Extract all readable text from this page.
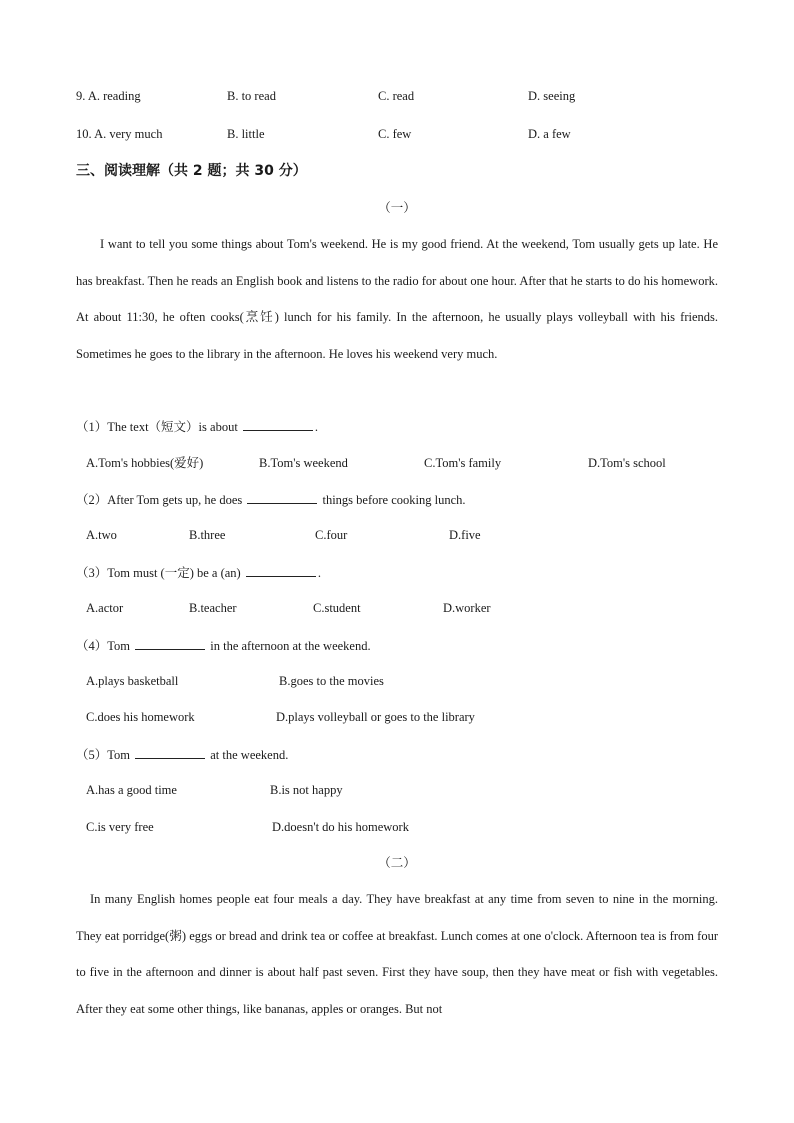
9. A. reading	B. to read	C. read	D. seeing
10. A. very much	B. little	C. few	D. a few
三、阅读理解（共 2 题；共 30 分）
（一）

I want to tell you some things about Tom's weekend. He is my good friend. At the weekend, Tom usually gets up late. He has breakfast. Then he reads an English book and listens to the radio for about one hour. After that he starts to do his homework. At about 11:30, he often cooks(烹饪) lunch for his family. In the afternoon, he usually plays volleyball with his friends. Sometimes he goes to the library in the afternoon. He loves his weekend very much.

（1）The text（短文）is about	.
A.Tom's hobbies(爱好)	B.Tom's weekend	C.Tom's family	D.Tom's school
（2）After Tom gets up, he does	things before cooking lunch.
A.two	B.three	C.four	D.five
（3）Tom must (一定) be a (an)	.
A.actor	B.teacher	C.student	D.worker
（4）Tom	in the afternoon at the weekend.
A.plays basketball	B.goes to the movies
C.does his homework	D.plays volleyball or goes to the library
（5）Tom	at the weekend.
A.has a good time	B.is not happy
C.is very free	D.doesn't do his homework
（二）

In many English homes people eat four meals a day. They have breakfast at any time from seven to nine in the morning. They eat porridge(粥) eggs or bread and drink tea or coffee at breakfast. Lunch comes at one o'clock. Afternoon tea is from four to five in the afternoon and dinner is about half past seven. First they have soup, then they have meat or fish with vegetables. After they eat some other things, like bananas, apples or oranges. But not
